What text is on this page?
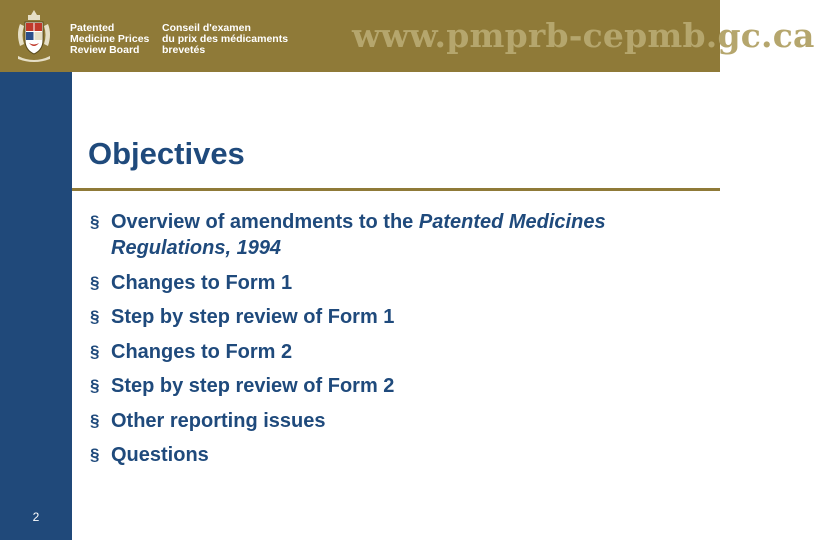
Patented
Medicine Prices
Review Board
Conseil d'examen
du prix des médicaments
brevetés	www.pmprb-cepmb.gc.ca
Objectives
§ Overview of amendments to the Patented Medicines Regulations, 1994
§ Changes to Form 1
§ Step by step review of Form 1
§ Changes to Form 2
§ Step by step review of Form 2
§ Other reporting issues
§ Questions
2
